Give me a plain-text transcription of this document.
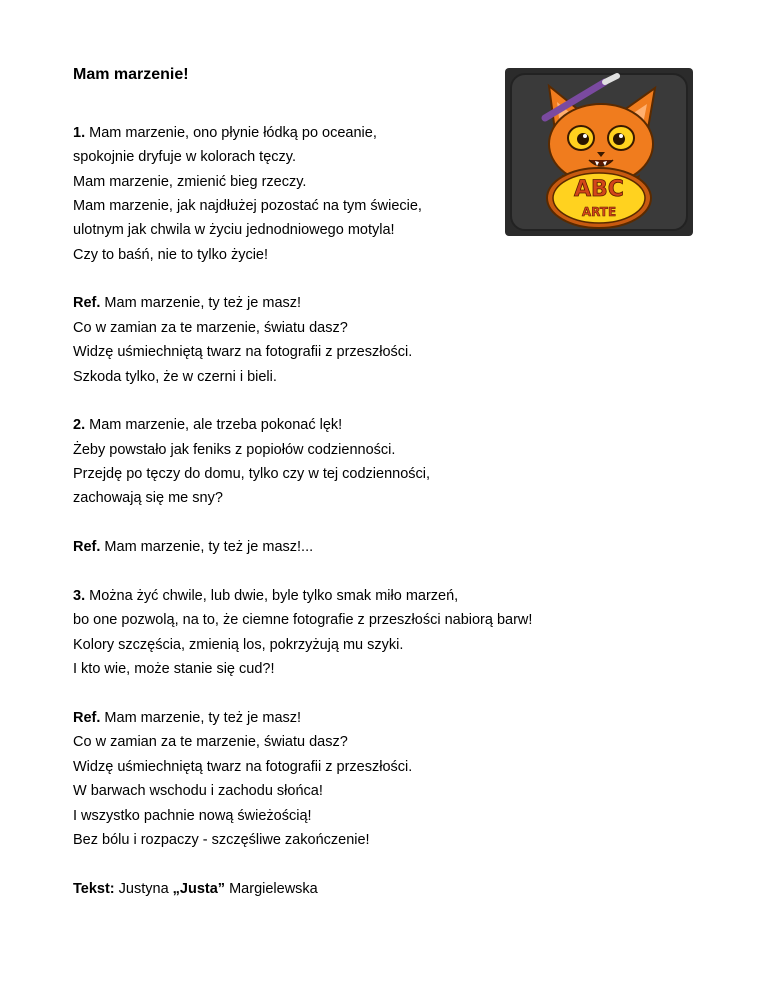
Mam marzenie!
1. Mam marzenie, ono płynie łódką po oceanie,
spokojnie dryfuje w kolorach tęczy.
Mam marzenie, zmienić bieg rzeczy.
Mam marzenie, jak najdłużej pozostać na tym świecie,
ulotnym jak chwila w życiu jednodniowego motyla!
Czy to baśń, nie to tylko życie!
Ref. Mam marzenie, ty też je masz!
Co w zamian za te marzenie, światu dasz?
Widzę uśmiechniętą twarz na fotografii z przeszłości.
Szkoda tylko, że w czerni i bieli.
2. Mam marzenie, ale trzeba pokonać lęk!
Żeby powstało jak feniks z popiołów codzienności.
Przejdę po tęczy do domu, tylko czy w tej codzienności,
zachowają się me sny?
Ref. Mam marzenie, ty też je masz!...
3. Można żyć chwile, lub dwie, byle tylko smak miło marzeń,
bo one pozwolą, na to, że ciemne fotografie z przeszłości nabiorą barw!
Kolory szczęścia, zmienią los, pokrzyżują mu szyki.
I kto wie, może stanie się cud?!
Ref. Mam marzenie, ty też je masz!
Co w zamian za te marzenie, światu dasz?
Widzę uśmiechniętą twarz na fotografii z przeszłości.
W barwach wschodu i zachodu słońca!
I wszystko pachnie nową świeżością!
Bez bólu i rozpaczy - szczęśliwe zakończenie!
Tekst: Justyna „Justa” Margielewska
ABC
ARTE
